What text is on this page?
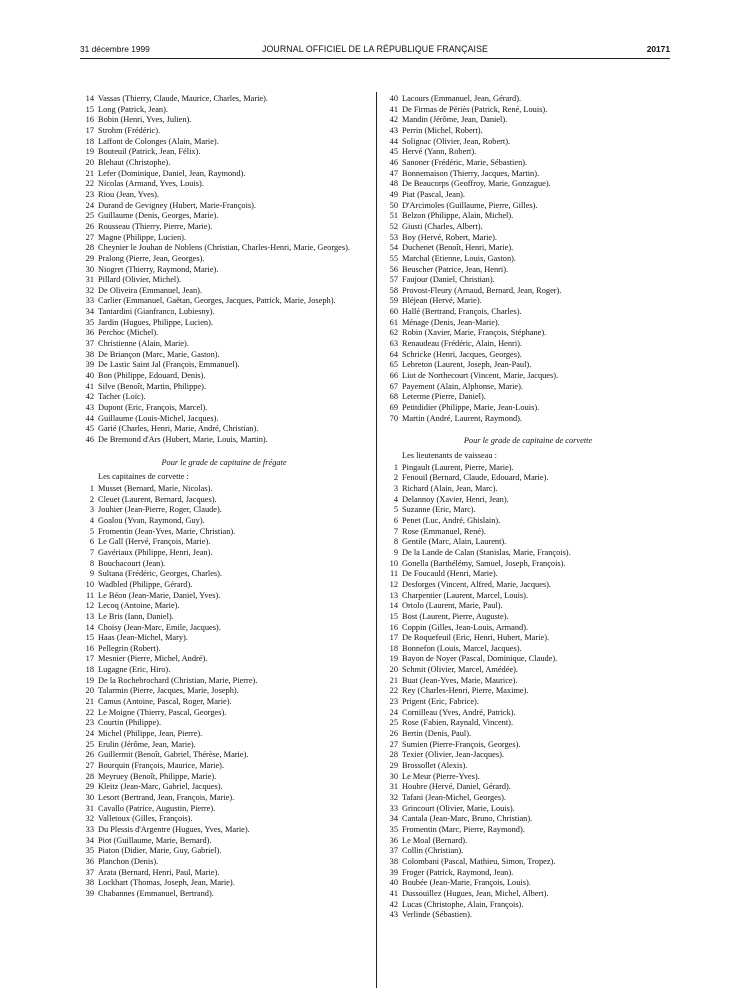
31 décembre 1999	JOURNAL OFFICIEL DE LA RÉPUBLIQUE FRANÇAISE	20171
14 Vassas (Thierry, Claude, Maurice, Charles, Marie).
15 Long (Patrick, Jean).
16 Bobin (Henri, Yves, Julien).
17 Strohm (Frédéric).
18 Laffont de Colonges (Alain, Marie).
19 Bouteuil (Patrick, Jean, Félix).
20 Blehaut (Christophe).
21 Lefer (Dominique, Daniel, Jean, Raymond).
22 Nicolas (Armand, Yves, Louis).
23 Riou (Jean, Yves).
24 Durand de Gevigney (Hubert, Marie-François).
25 Guillaume (Denis, Georges, Marie).
26 Rousseau (Thierry, Pierre, Marie).
27 Magne (Philippe, Lucien).
28 Cheynier le Jouhan de Noblens (Christian, Charles-Henri, Marie, Georges).
29 Pralong (Pierre, Jean, Georges).
30 Niogret (Thierry, Raymond, Marie).
31 Pillard (Olivier, Michel).
32 De Oliveira (Emmanuel, Jean).
33 Carlier (Emmanuel, Gaëtan, Georges, Jacques, Patrick, Marie, Joseph).
34 Tantardini (Gianfranco, Lubiesny).
35 Jardin (Hugues, Philippe, Lucien).
36 Perchoc (Michel).
37 Christienne (Alain, Marie).
38 De Briançon (Marc, Marie, Gaston).
39 De Lastic Saint Jal (François, Emmanuel).
40 Bon (Philippe, Edouard, Denis).
41 Silve (Benoît, Martin, Philippe).
42 Tacher (Loïc).
43 Dupont (Eric, François, Marcel).
44 Guillaume (Louis-Michel, Jacques).
45 Garié (Charles, Henri, Marie, André, Christian).
46 De Bremond d'Ars (Hubert, Marie, Louis, Martin).
Pour le grade de capitaine de frégate
Les capitaines de corvette :
1 Musset (Bernard, Marie, Nicolas).
2 Cleuet (Laurent, Bernard, Jacques).
3 Jouhier (Jean-Pierre, Roger, Claude).
4 Goalou (Yvan, Raymond, Guy).
5 Fromentin (Jean-Yves, Marie, Christian).
6 Le Gall (Hervé, François, Marie).
7 Gavériaux (Philippe, Henri, Jean).
8 Bouchacourt (Jean).
9 Sultana (Frédéric, Georges, Charles).
10 Wadbled (Philippe, Gérard).
11 Le Béon (Jean-Marie, Daniel, Yves).
12 Lecoq (Antoine, Marie).
13 Le Bris (Iann, Daniel).
14 Choisy (Jean-Marc, Emile, Jacques).
15 Haas (Jean-Michel, Mary).
16 Pellegrin (Robert).
17 Mesnier (Pierre, Michel, André).
18 Lugagne (Eric, Hiro).
19 De la Rochebrochard (Christian, Marie, Pierre).
20 Talarmin (Pierre, Jacques, Marie, Joseph).
21 Camus (Antoine, Pascal, Roger, Marie).
22 Le Moigne (Thierry, Pascal, Georges).
23 Courtin (Philippe).
24 Michel (Philippe, Jean, Pierre).
25 Erulin (Jérôme, Jean, Marie).
26 Guillermit (Benoît, Gabriel, Thérèse, Marie).
27 Bourquin (François, Maurice, Marie).
28 Meyruey (Benoît, Philippe, Marie).
29 Kleitz (Jean-Marc, Gabriel, Jacques).
30 Lesort (Bertrand, Jean, François, Marie).
31 Cavallo (Patrice, Augustin, Pierre).
32 Valletoux (Gilles, François).
33 Du Plessis d'Argentre (Hugues, Yves, Marie).
34 Piot (Guillaume, Marie, Bernard).
35 Piaton (Didier, Marie, Guy, Gabriel).
36 Planchon (Denis).
37 Arata (Bernard, Henri, Paul, Marie).
38 Lockhart (Thomas, Joseph, Jean, Marie).
39 Chabannes (Emmanuel, Bertrand).
40 Lacours (Emmanuel, Jean, Gérard).
41 De Firmas de Périès (Patrick, René, Louis).
42 Mandin (Jérôme, Jean, Daniel).
43 Perrin (Michel, Robert).
44 Solignac (Olivier, Jean, Robert).
45 Hervé (Yann, Robert).
46 Sanoner (Frédéric, Marie, Sébastien).
47 Bonnemaison (Thierry, Jacques, Martin).
48 De Beaucorps (Geoffroy, Marie, Gonzague).
49 Piat (Pascal, Jean).
50 D'Arcimoles (Guillaume, Pierre, Gilles).
51 Belzon (Philippe, Alain, Michel).
52 Giusti (Charles, Albert).
53 Boy (Hervé, Robert, Marie).
54 Duchenet (Benoît, Henri, Marie).
55 Marchal (Etienne, Louis, Gaston).
56 Beuscher (Patrice, Jean, Henri).
57 Faujour (Daniel, Christian).
58 Provost-Fleury (Arnaud, Bernard, Jean, Roger).
59 Bléjean (Hervé, Marie).
60 Hallé (Bertrand, François, Charles).
61 Ménage (Denis, Jean-Marie).
62 Robin (Xavier, Marie, François, Stéphane).
63 Renaudeau (Frédéric, Alain, Henri).
64 Schricke (Henri, Jacques, Georges).
65 Lebreton (Laurent, Joseph, Jean-Paul).
66 Liot de Northecourt (Vincent, Marie, Jacques).
67 Payement (Alain, Alphonse, Marie).
68 Leterme (Pierre, Daniel).
69 Petitdidier (Philippe, Marie, Jean-Louis).
70 Martin (André, Laurent, Raymond).
Pour le grade de capitaine de corvette
Les lieutenants de vaisseau :
1 Pingault (Laurent, Pierre, Marie).
2 Fenouil (Bernard, Claude, Edouard, Marie).
3 Richard (Alain, Jean, Marc).
4 Delannoy (Xavier, Henri, Jean).
5 Suzanne (Eric, Marc).
6 Penet (Luc, André, Ghislain).
7 Rose (Emmanuel, René).
8 Gentile (Marc, Alain, Laurent).
9 De la Lande de Calan (Stanislas, Marie, François).
10 Gonella (Barthélémy, Samuel, Joseph, François).
11 De Foucauld (Henri, Marie).
12 Desforges (Vincent, Alfred, Marie, Jacques).
13 Charpentier (Laurent, Marcel, Louis).
14 Ortolo (Laurent, Marie, Paul).
15 Bost (Laurent, Pierre, Auguste).
16 Coppin (Gilles, Jean-Louis, Armand).
17 De Roquefeuil (Eric, Henri, Hubert, Marie).
18 Bonnefon (Louis, Marcel, Jacques).
19 Bayon de Noyer (Pascal, Dominique, Claude).
20 Schmit (Olivier, Marcel, Amédée).
21 Buat (Jean-Yves, Marie, Maurice).
22 Rey (Charles-Henri, Pierre, Maxime).
23 Prigent (Eric, Fabrice).
24 Cornilleau (Yves, André, Patrick).
25 Rose (Fabien, Raynald, Vincent).
26 Bertin (Denis, Paul).
27 Sumien (Pierre-François, Georges).
28 Texier (Olivier, Jean-Jacques).
29 Brossollet (Alexis).
30 Le Meur (Pierre-Yves).
31 Houbre (Hervé, Daniel, Gérard).
32 Tafani (Jean-Michel, Georges).
33 Grincourt (Olivier, Marie, Louis).
34 Cantala (Jean-Marc, Bruno, Christian).
35 Fromentin (Marc, Pierre, Raymond).
36 Le Moal (Bernard).
37 Collin (Christian).
38 Colombani (Pascal, Mathieu, Simon, Tropez).
39 Froger (Patrick, Raymond, Jean).
40 Boubée (Jean-Marie, François, Louis).
41 Dussouillez (Hugues, Jean, Michel, Albert).
42 Lucas (Christophe, Alain, François).
43 Verlinde (Sébastien).
